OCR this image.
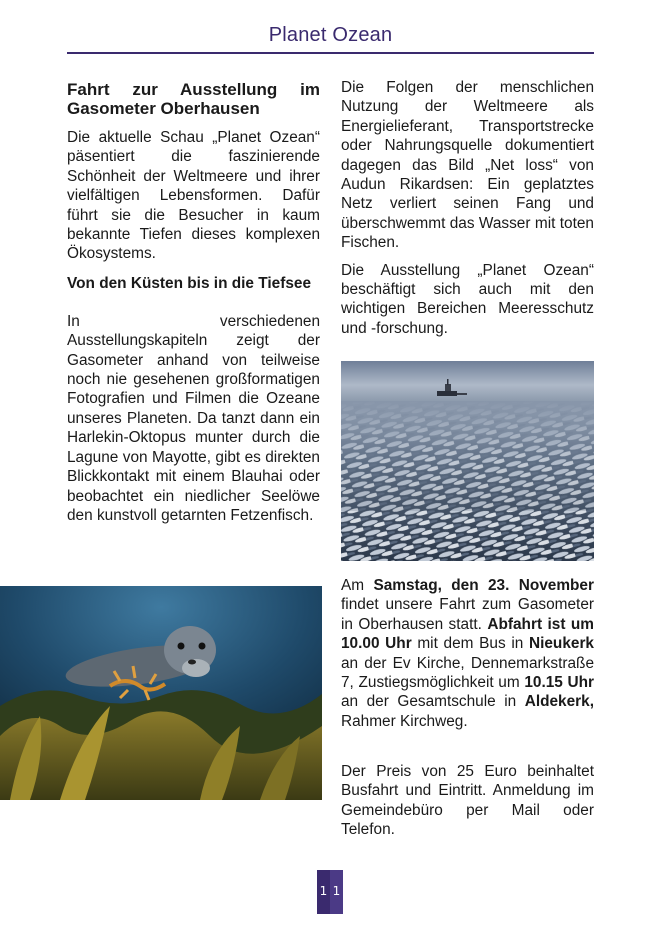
Planet Ozean
Fahrt zur Ausstellung im Gasometer Oberhausen

Die aktuelle Schau „Planet Ozean“ päsentiert die faszinierende Schönheit der Weltmeere und ihrer vielfältigen Lebensformen. Dafür führt sie die Besucher in kaum bekannte Tiefen dieses komplexen Ökosystems.

Von den Küsten bis in die Tiefsee

In verschiedenen Ausstellungskapiteln zeigt der Gasometer anhand von teilweise noch nie gesehenen großformatigen Fotografien und Filmen die Ozeane unseres Planeten. Da tanzt dann ein Harlekin-Oktopus munter durch die Lagune von Mayotte, gibt es direkten Blickkontakt mit einem Blauhai oder beobachtet ein niedlicher Seelöwe den kunstvoll getarnten Fetzenfisch.

Die Folgen der menschlichen Nutzung der Weltmeere als Energielieferant, Transportstrecke oder Nahrungsquelle dokumentiert dagegen das Bild „Net loss“ von Audun Rikardsen: Ein geplatztes Netz verliert seinen Fang und überschwemmt das Wasser mit toten Fischen.

Die Ausstellung „Planet Ozean“ beschäftigt sich auch mit den wichtigen Bereichen Meeresschutz und -forschung.

Am Samstag, den 23. November findet unsere Fahrt zum Gasometer in Oberhausen statt. Abfahrt ist um 10.00 Uhr mit dem Bus in Nieukerk an der Ev Kirche, Dennemarkstraße 7, Zustiegsmöglichkeit um 10.15 Uhr an der Gesamtschule in Aldekerk, Rahmer Kirchweg.

Der Preis von 25 Euro beinhaltet Busfahrt und Eintritt. Anmeldung im Gemeindebüro per Mail oder Telefon.

1 1
